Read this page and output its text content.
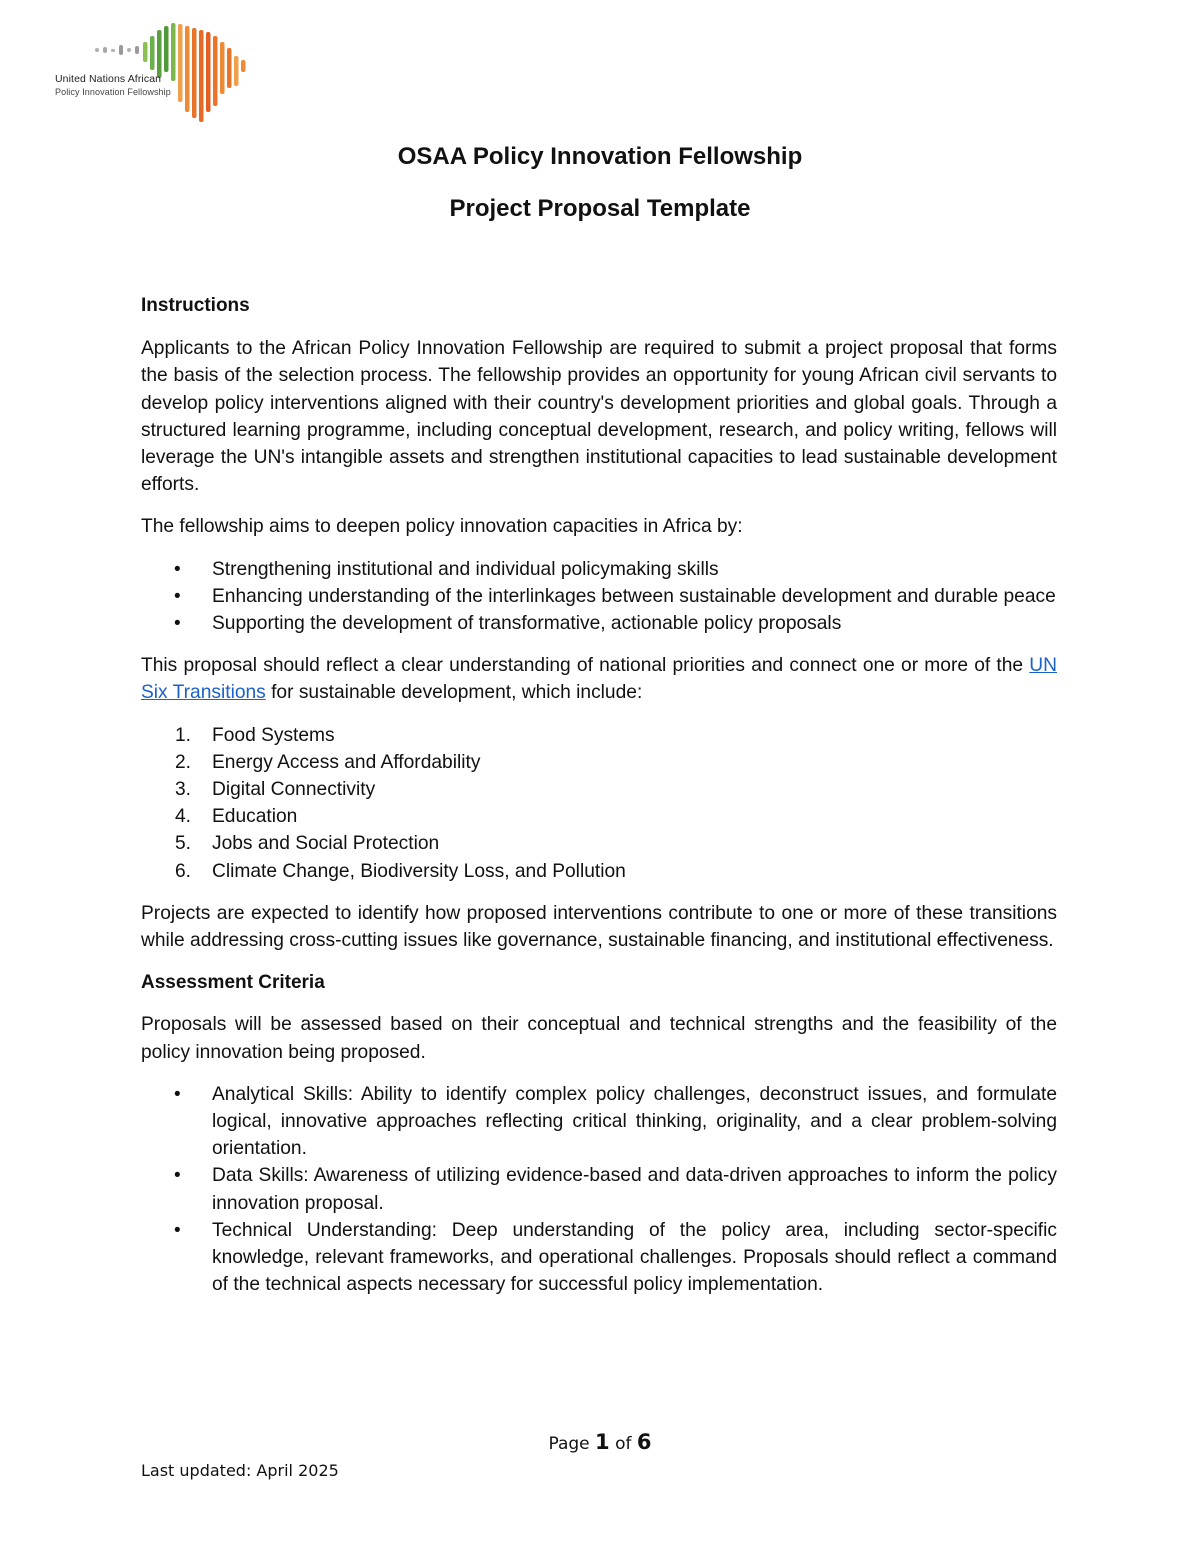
United Nations African
Policy Innovation Fellowship
OSAA Policy Innovation Fellowship
Project Proposal Template

Instructions

Applicants to the African Policy Innovation Fellowship are required to submit a project proposal that forms the basis of the selection process. The fellowship provides an opportunity for young African civil servants to develop policy interventions aligned with their country's development priorities and global goals. Through a structured learning programme, including conceptual development, research, and policy writing, fellows will leverage the UN's intangible assets and strengthen institutional capacities to lead sustainable development efforts.

The fellowship aims to deepen policy innovation capacities in Africa by:

• Strengthening institutional and individual policymaking skills
• Enhancing understanding of the interlinkages between sustainable development and durable peace
• Supporting the development of transformative, actionable policy proposals

This proposal should reflect a clear understanding of national priorities and connect one or more of the UN Six Transitions for sustainable development, which include:

1. Food Systems
2. Energy Access and Affordability
3. Digital Connectivity
4. Education
5. Jobs and Social Protection
6. Climate Change, Biodiversity Loss, and Pollution

Projects are expected to identify how proposed interventions contribute to one or more of these transitions while addressing cross-cutting issues like governance, sustainable financing, and institutional effectiveness.

Assessment Criteria

Proposals will be assessed based on their conceptual and technical strengths and the feasibility of the policy innovation being proposed.

• Analytical Skills: Ability to identify complex policy challenges, deconstruct issues, and formulate logical, innovative approaches reflecting critical thinking, originality, and a clear problem-solving orientation.
• Data Skills: Awareness of utilizing evidence-based and data-driven approaches to inform the policy innovation proposal.
• Technical Understanding: Deep understanding of the policy area, including sector-specific knowledge, relevant frameworks, and operational challenges. Proposals should reflect a command of the technical aspects necessary for successful policy implementation.
Page 1 of 6
Last updated: April 2025
